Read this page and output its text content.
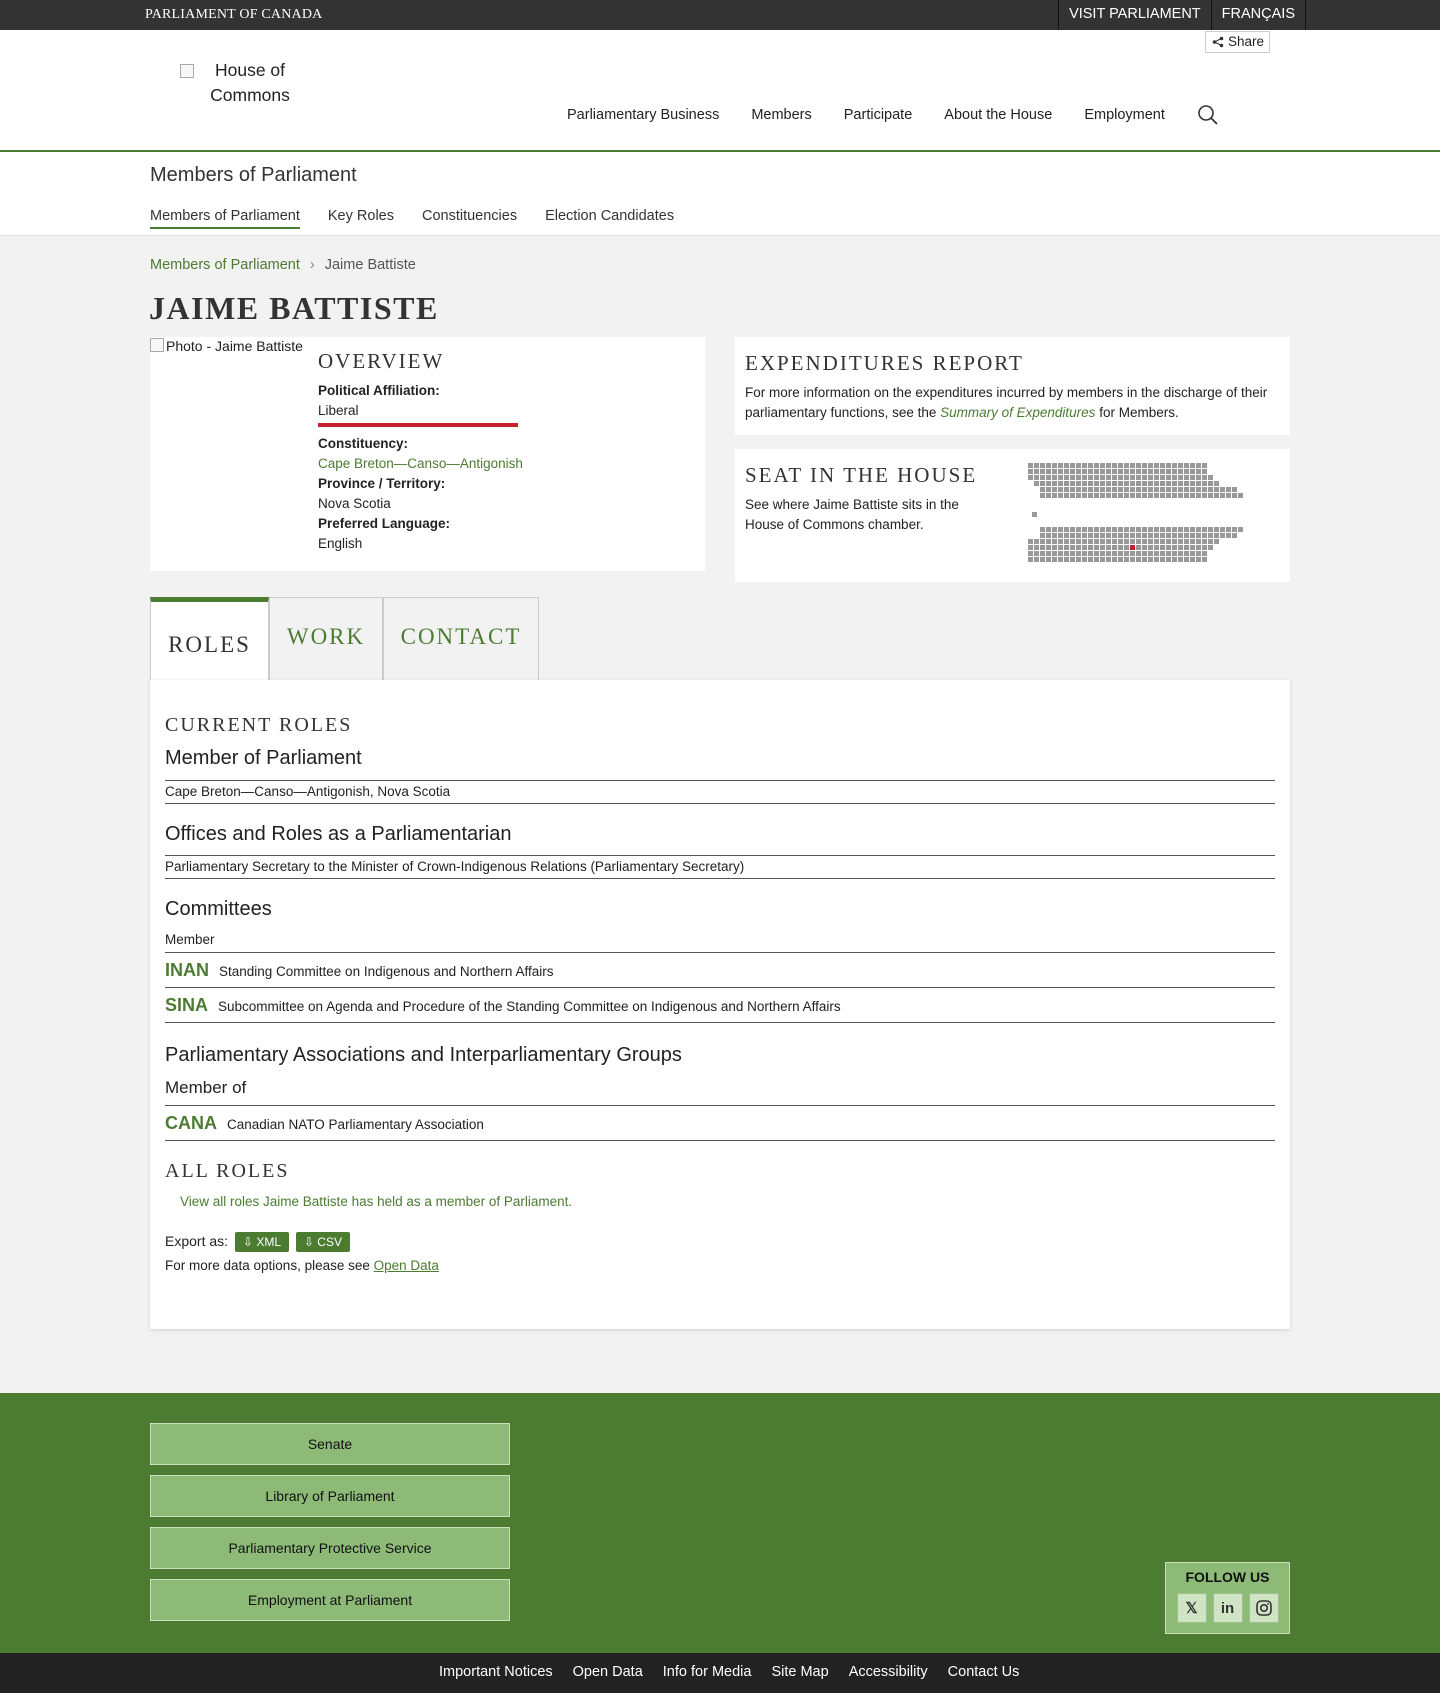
PARLIAMENT OF CANADA	VISIT PARLIAMENT	FRANÇAIS
Share
House of Commons
Parliamentary Business Members Participate About the House Employment
Members of Parliament
Members of Parliament Key Roles Constituencies Election Candidates
Members of Parliament › Jaime Battiste
JAIME BATTISTE
Photo - Jaime Battiste
OVERVIEW
Political Affiliation:
Liberal
Constituency:
Cape Breton—Canso—Antigonish
Province / Territory:
Nova Scotia
Preferred Language:
English
EXPENDITURES REPORT
For more information on the expenditures incurred by members in the discharge of their parliamentary functions, see the Summary of Expenditures for Members.
SEAT IN THE HOUSE
See where Jaime Battiste sits in the House of Commons chamber.
ROLES	WORK	CONTACT
CURRENT ROLES
Member of Parliament
Cape Breton—Canso—Antigonish, Nova Scotia
Offices and Roles as a Parliamentarian
Parliamentary Secretary to the Minister of Crown-Indigenous Relations (Parliamentary Secretary)
Committees
Member
INAN Standing Committee on Indigenous and Northern Affairs
SINA Subcommittee on Agenda and Procedure of the Standing Committee on Indigenous and Northern Affairs
Parliamentary Associations and Interparliamentary Groups
Member of
CANA Canadian NATO Parliamentary Association
ALL ROLES
View all roles Jaime Battiste has held as a member of Parliament.
Export as: ⇩ XML ⇩ CSV
For more data options, please see Open Data
Senate
Library of Parliament
Parliamentary Protective Service
Employment at Parliament
FOLLOW US
𝕏	in
Important Notices Open Data Info for Media Site Map Accessibility Contact Us
